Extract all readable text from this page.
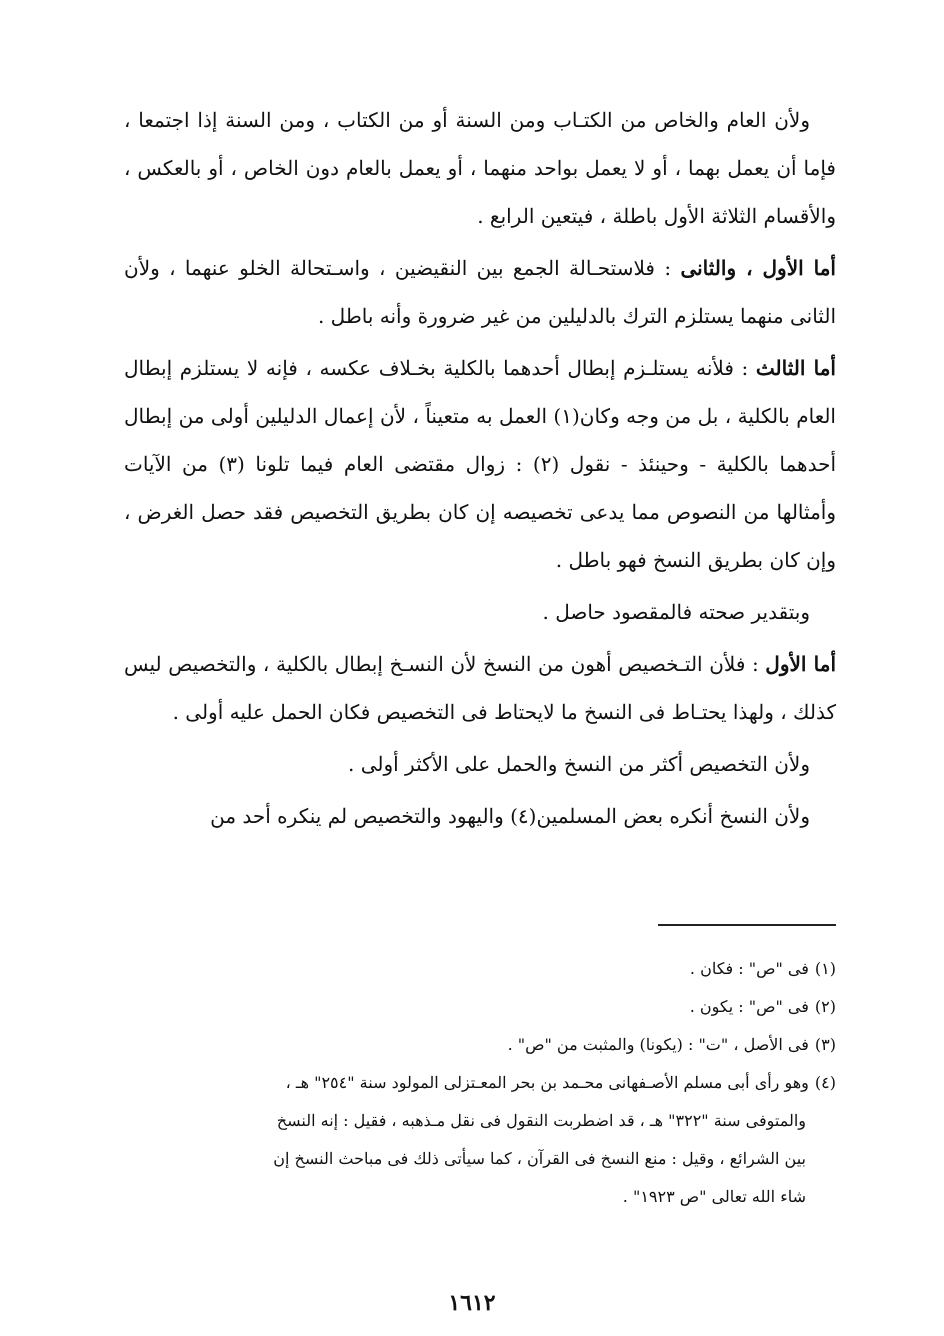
ولأن العام والخاص من الكتـاب ومن السنة أو من الكتاب ، ومن السنة إذا اجتمعا ، فإما أن يعمل بهما ، أو لا يعمل بواحد منهما ، أو يعمل بالعام دون الخاص ، أو بالعكس ، والأقسام الثلاثة الأول باطلة ، فيتعين الرابع .

أما الأول ، والثانى : فلاستحـالة الجمع بين النقيضين ، واسـتحالة الخلو عنهما ، ولأن الثانى منهما يستلزم الترك بالدليلين من غير ضرورة وأنه باطل .

أما الثالث : فلأنه يستلـزم إبطال أحدهما بالكلية بخـلاف عكسه ، فإنه لا يستلزم إبطال العام بالكلية ، بل من وجه وكان(١) العمل به متعيناً ، لأن إعمال الدليلين أولى من إبطال أحدهما بالكلية - وحينئذ - نقول (٢) : زوال مقتضى العام فيما تلونا (٣) من الآيات وأمثالها من النصوص مما يدعى تخصيصه إن كان بطريق التخصيص فقد حصل الغرض ، وإن كان بطريق النسخ فهو باطل .

وبتقدير صحته فالمقصود حاصل .

أما الأول : فلأن التـخصيص أهون من النسخ لأن النسـخ إبطال بالكلية ، والتخصيص ليس كذلك ، ولهذا يحتـاط فى النسخ ما لايحتاط فى التخصيص فكان الحمل عليه أولى .

ولأن التخصيص أكثر من النسخ والحمل على الأكثر أولى .

ولأن النسخ أنكره بعض المسلمين(٤) واليهود والتخصيص لم ينكره أحد من

(١)فى "ص" : فكان .

(٢)فى "ص" : يكون .

(٣)فى الأصل ، "ت" : (يكونا) والمثبت من "ص" .

(٤)وهو رأى أبى مسلم الأصـفهانى محـمد بن بحر المعـتزلى المولود سنة "٢٥٤" هـ ،

والمتوفى سنة "٣٢٢" هـ ، قد اضطربت النقول فى نقل مـذهبه ، فقيل : إنه النسخ

بين الشرائع ، وقيل : منع النسخ فى القرآن ، كما سيأتى ذلك فى مباحث النسخ إن

شاء الله تعالى "ص ١٩٢٣" .

١٦١٢
